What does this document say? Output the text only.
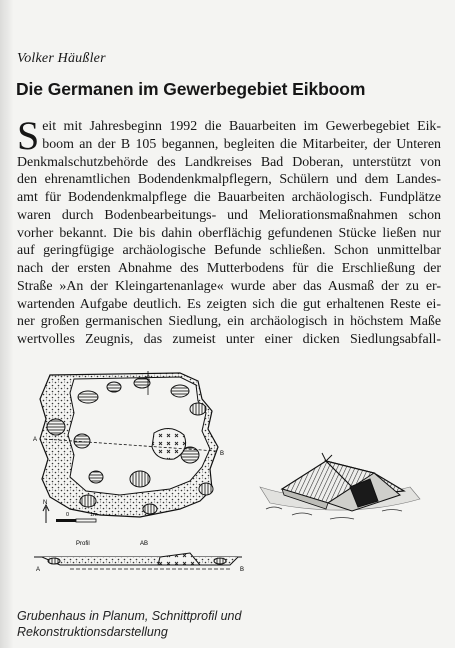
Volker Häußler
Die Germanen im Gewerbegebiet Eikboom
S eit mit Jahresbeginn 1992 die Bauarbeiten im Gewerbegebiet Eik-
boom an der B 105 begannen, begleiten die Mitarbeiter, der Unteren
Denkmalschutzbehörde des Landkreises Bad Doberan, unterstützt von
den ehrenamtlichen Bodendenkmalpflegern, Schülern und dem Landes-
amt für Bodendenkmalpflege die Bauarbeiten archäologisch. Fundplätze
waren durch Bodenbearbeitungs- und Meliorationsmaßnahmen schon
vorher bekannt. Die bis dahin oberflächig gefundenen Stücke ließen nur
auf geringfügige archäologische Befunde schließen. Schon unmittelbar
nach der ersten Abnahme des Mutterbodens für die Erschließung der
Straße »An der Kleingartenanlage« wurde aber das Ausmaß der zu er-
wartenden Aufgabe deutlich. Es zeigten sich die gut erhaltenen Reste ei-
ner großen germanischen Siedlung, ein archäologisch in höchstem Maße
wertvolles Zeugnis, das zumeist unter einer dicken Siedlungsabfall-
C
A
B
N
0	1m
Profil	AB
A	B
Grubenhaus in Planum, Schnittprofil und
Rekonstruktionsdarstellung
